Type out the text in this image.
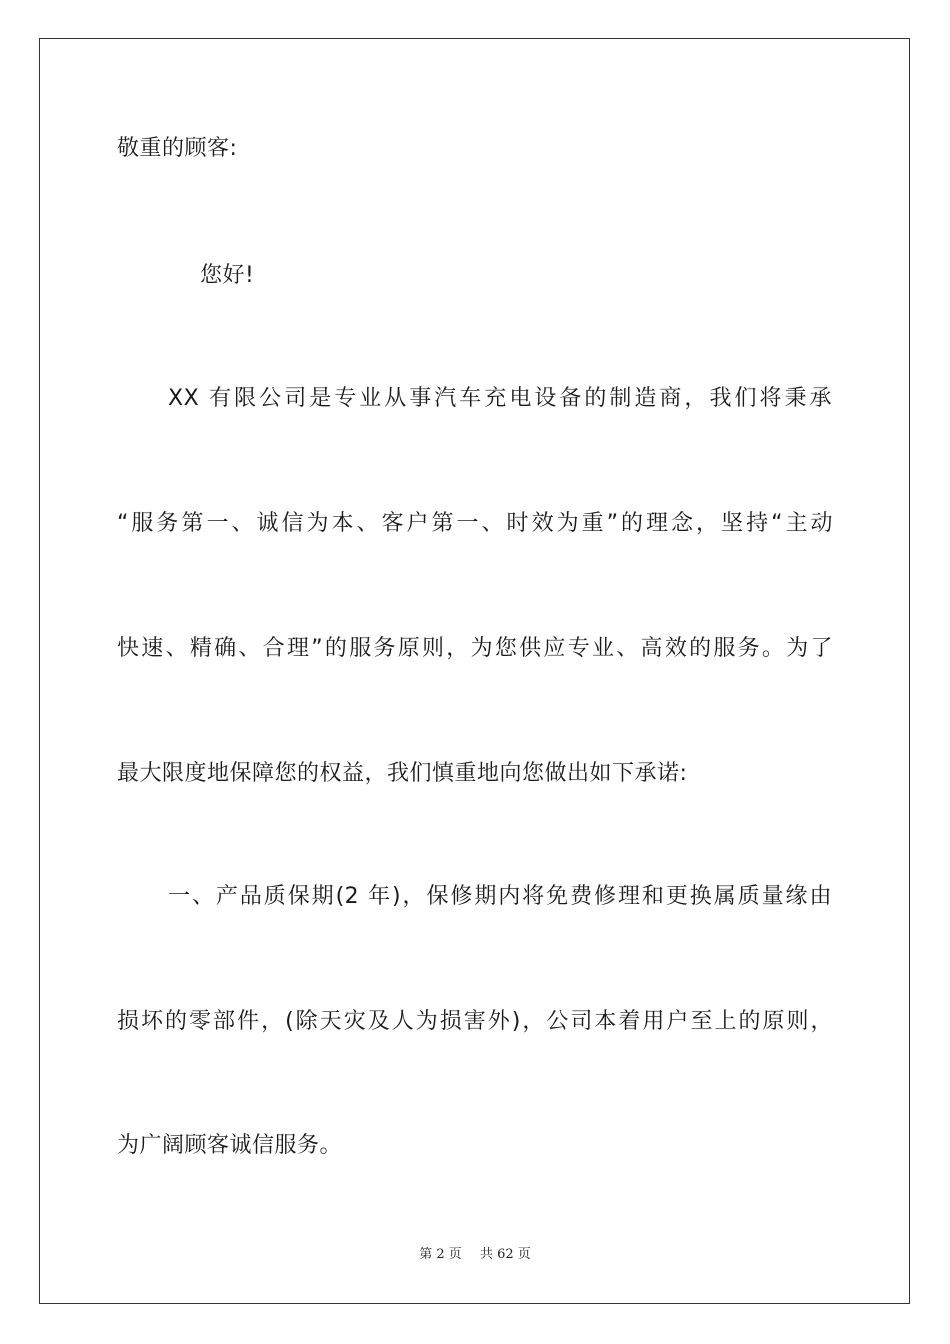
敬重的顾客:
您好!
XX 有限公司是专业从事汽车充电设备的制造商，我们将秉承
“服务第一、诚信为本、客户第一、时效为重”的理念，坚持“主动
快速、精确、合理”的服务原则，为您供应专业、高效的服务。为了
最大限度地保障您的权益，我们慎重地向您做出如下承诺:
一、产品质保期(2 年)，保修期内将免费修理和更换属质量缘由
损坏的零部件，(除天灾及人为损害外)，公司本着用户至上的原则，
为广阔顾客诚信服务。
第 2 页 共 62 页
